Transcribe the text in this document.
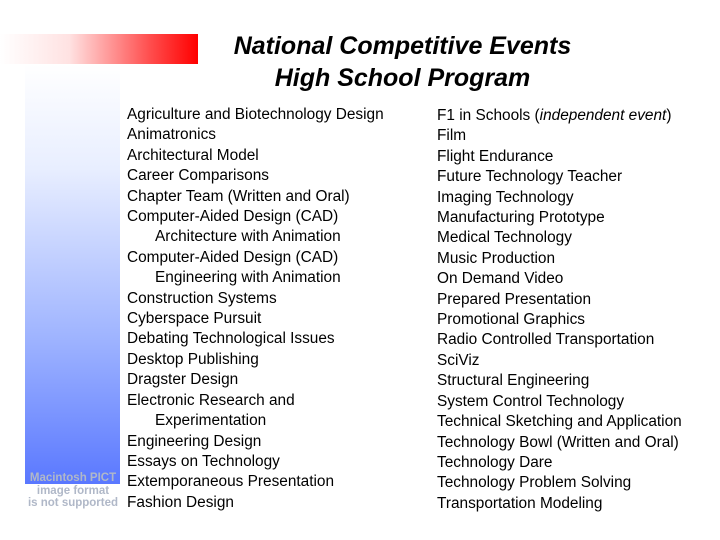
Macintosh PICT
image format
is not supported
National Competitive Events
High School Program
Agriculture and Biotechnology Design
Animatronics
Architectural Model
Career Comparisons
Chapter Team (Written and Oral)
Computer-Aided Design (CAD)
Architecture with Animation
Computer-Aided Design (CAD)
Engineering with Animation
Construction Systems
Cyberspace Pursuit
Debating Technological Issues
Desktop Publishing
Dragster Design
Electronic Research and
Experimentation
Engineering Design
Essays on Technology
Extemporaneous Presentation
Fashion Design
F1 in Schools (independent event)
Film
Flight Endurance
Future Technology Teacher
Imaging Technology
Manufacturing Prototype
Medical Technology
Music Production
On Demand Video
Prepared Presentation
Promotional Graphics
Radio Controlled Transportation
SciViz
Structural Engineering
System Control Technology
Technical Sketching and Application
Technology Bowl (Written and Oral)
Technology Dare
Technology Problem Solving
Transportation Modeling
